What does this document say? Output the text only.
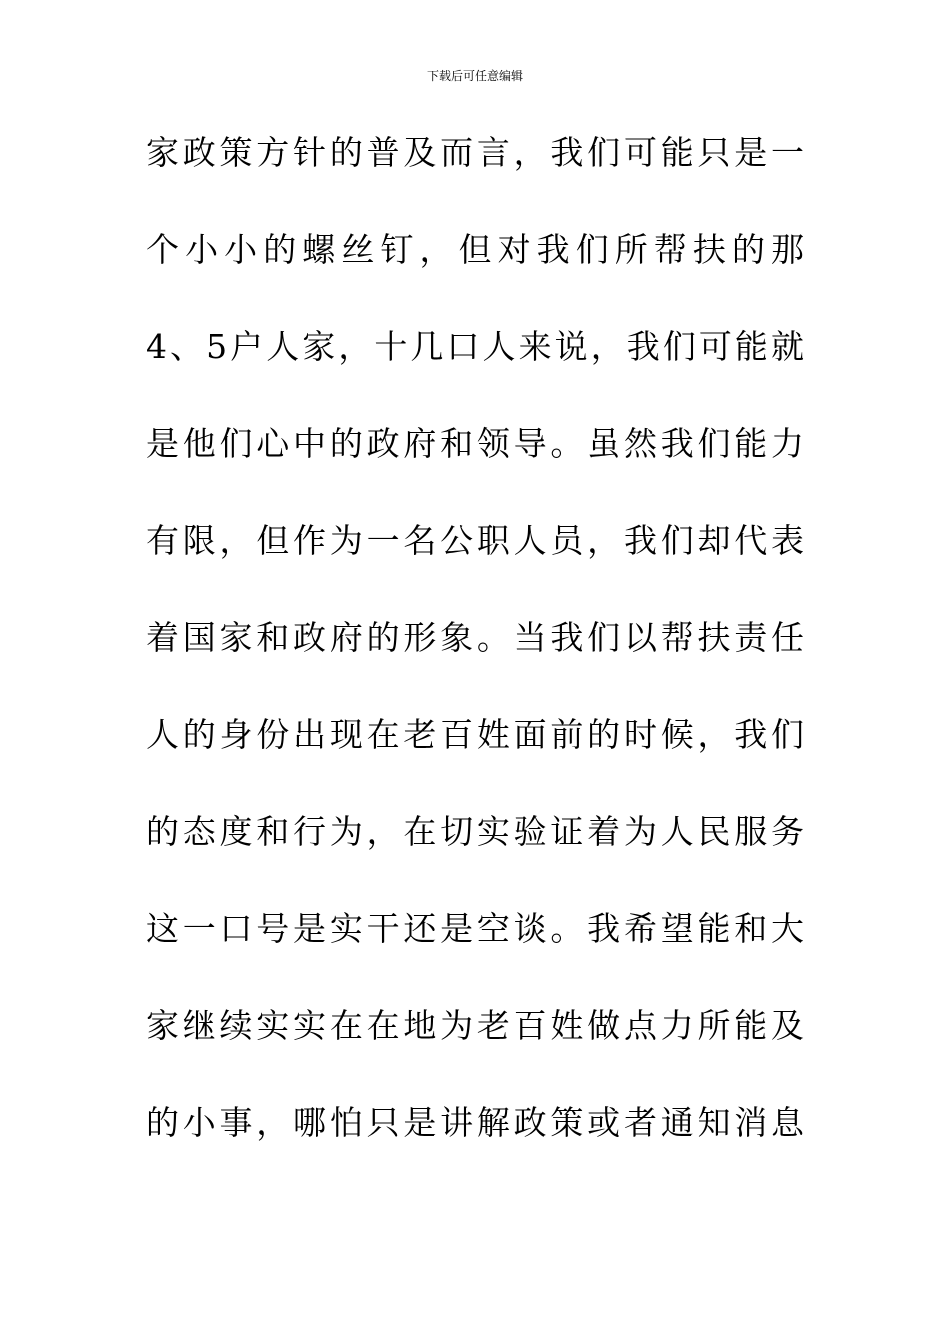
下载后可任意编辑
家政策方针的普及而言，我们可能只是一
个小小的螺丝钉，但对我们所帮扶的那
4、5户人家，十几口人来说，我们可能就
是他们心中的政府和领导。虽然我们能力
有限，但作为一名公职人员，我们却代表
着国家和政府的形象。当我们以帮扶责任
人的身份出现在老百姓面前的时候，我们
的态度和行为，在切实验证着为人民服务
这一口号是实干还是空谈。我希望能和大
家继续实实在在地为老百姓做点力所能及
的小事，哪怕只是讲解政策或者通知消息
